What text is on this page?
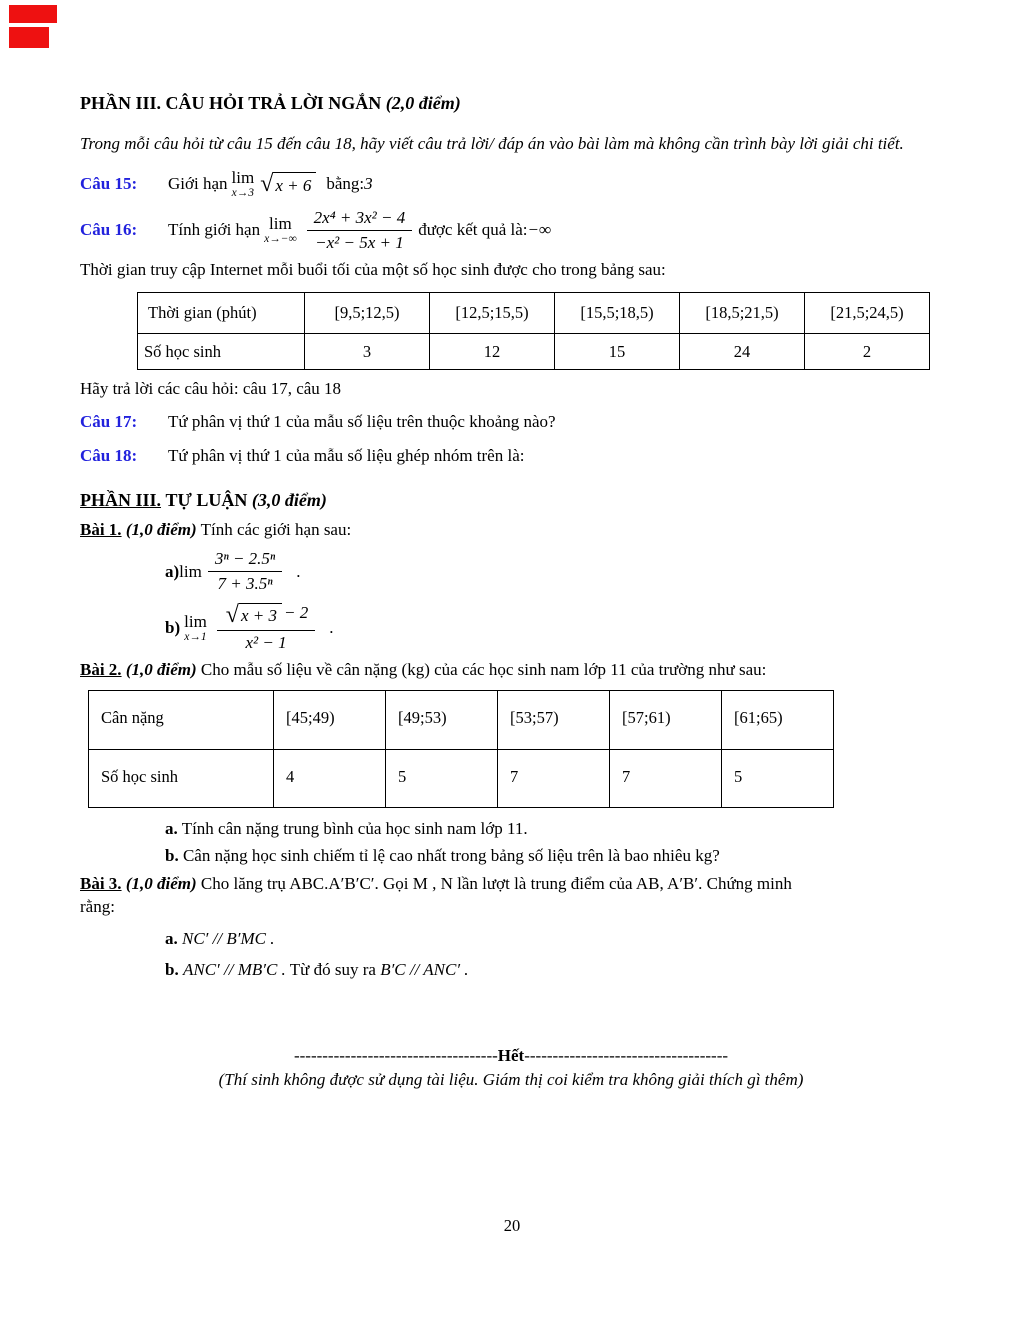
PHẦN III. CÂU HỎI TRẢ LỜI NGẮN (2,0 điểm)
Trong mỗi câu hỏi từ câu 15 đến câu 18, hãy viết câu trả lời/ đáp án vào bài làm mà không cần trình bày lời giải chi tiết.
Câu 15:	Giới hạn lim
x→3 √ x + 6 bằng: 3
Câu 16:	Tính giới hạn lim
$x\to-\infty \frac{\text{2x⁴ + 3x² − 4}}{\text{−x² − 5x + 1}}$ được kết quả là: −∞
Thời gian truy cập Internet mỗi buổi tối của một số học sinh được cho trong bảng sau:
Thời gian (phút)	[9,5;12,5)	[12,5;15,5)	[15,5;18,5)	[18,5;21,5)	[21,5;24,5)
Số học sinh	3	12	15	24	2
Hãy trả lời các câu hỏi: câu 17, câu 18
Câu 17:	Tứ phân vị thứ 1 của mẫu số liệu trên thuộc khoảng nào?
Câu 18:	Tứ phân vị thứ 1 của mẫu số liệu ghép nhóm trên là:
PHẦN III. TỰ LUẬN (3,0 điểm)
Bài 1. (1,0 điểm) Tính các giới hạn sau:
a) $\lim \frac{\text{3ⁿ − 2.5ⁿ}}{\text{7 + 3.5ⁿ}}$ .
b) lim
$x\to 1 \frac{√ x + 3 - 2}{\text{x² − 1}}$ .
Bài 2. (1,0 điểm) Cho mẫu số liệu về cân nặng (kg) của các học sinh nam lớp 11 của trường như sau:
Cân nặng	[45;49)	[49;53)	[53;57)	[57;61)	[61;65)
Số học sinh	4	5	7	7	5
a. Tính cân nặng trung bình của học sinh nam lớp 11.
b. Cân nặng học sinh chiếm tỉ lệ cao nhất trong bảng số liệu trên là bao nhiêu kg?
Bài 3. (1,0 điểm) Cho lăng trụ ABC.A′B′C′. Gọi M , N lần lượt là trung điểm của AB, A′B′. Chứng minh
rằng:
a. NC′ // B′MC .
b. ANC′ // MB′C . Từ đó suy ra B′C // ANC′ .
------------------------------------Hết------------------------------------
(Thí sinh không được sử dụng tài liệu. Giám thị coi kiểm tra không giải thích gì thêm)
20
